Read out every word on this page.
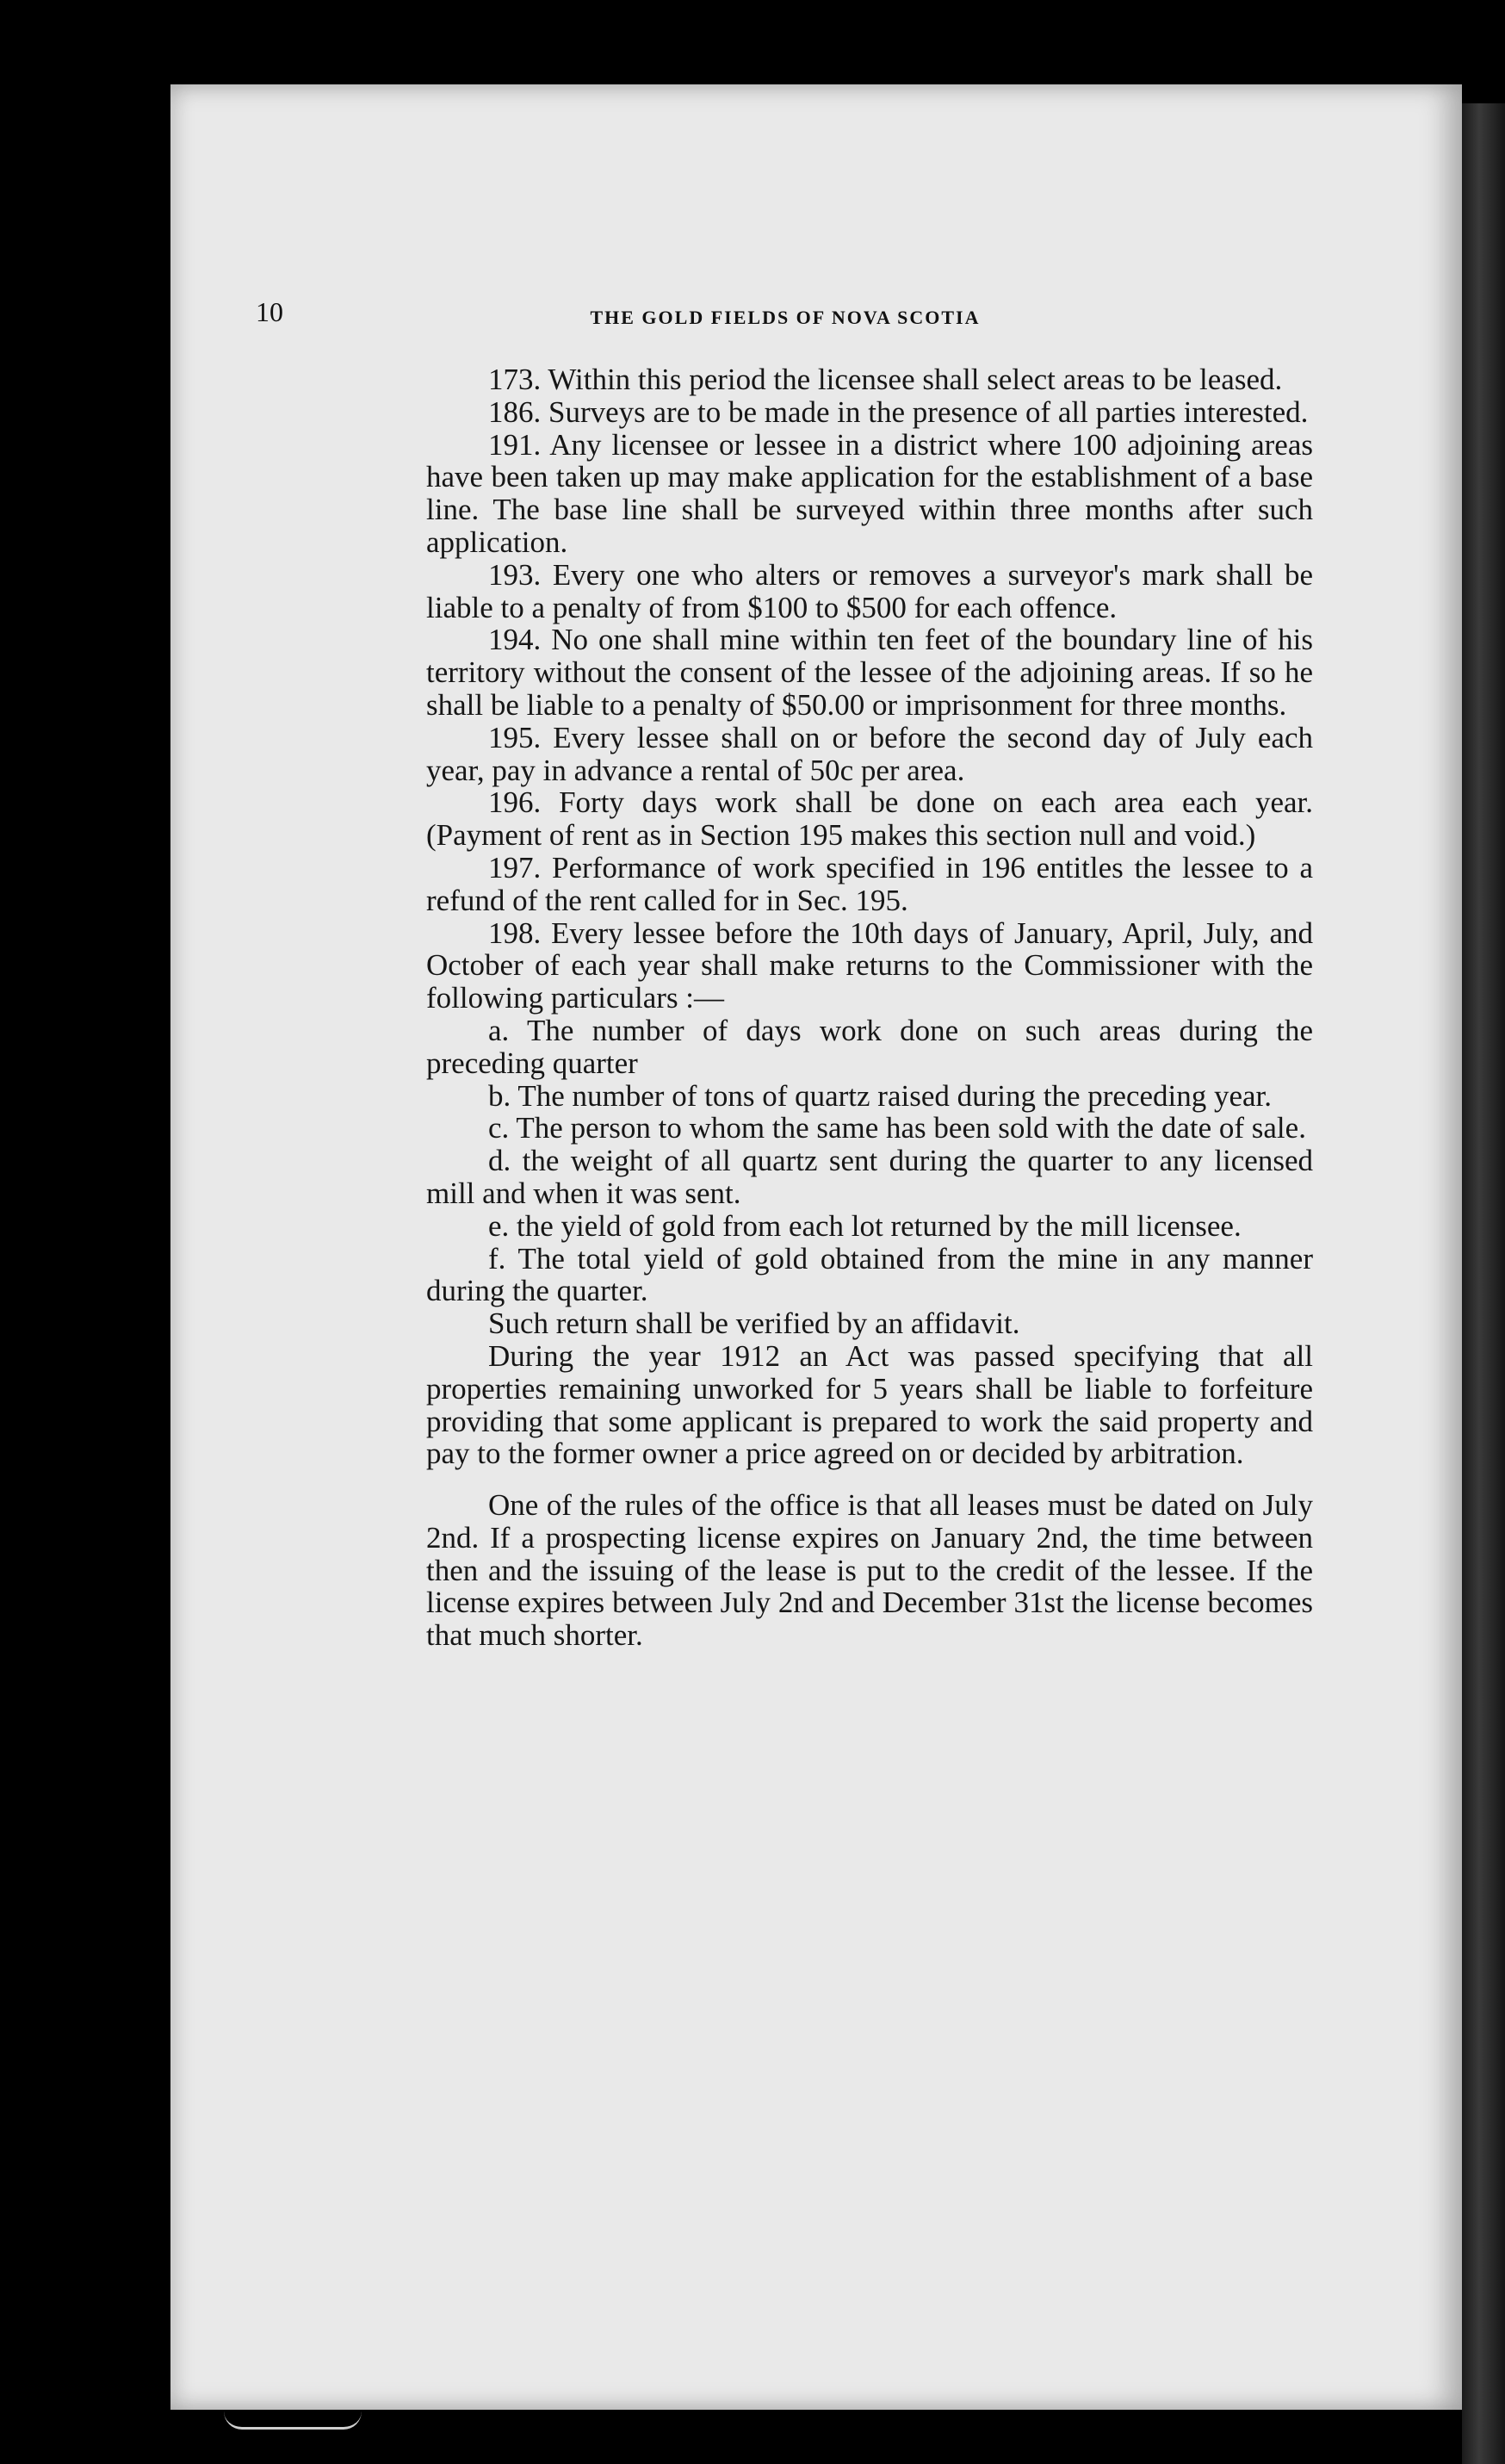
10	THE GOLD FIELDS OF NOVA SCOTIA

173. Within this period the licensee shall select areas to be leased.

186. Surveys are to be made in the presence of all parties interested.

191. Any licensee or lessee in a district where 100 adjoining areas have been taken up may make application for the establishment of a base line. The base line shall be surveyed within three months after such application.

193. Every one who alters or removes a surveyor's mark shall be liable to a penalty of from $100 to $500 for each offence.

194. No one shall mine within ten feet of the boundary line of his territory without the consent of the lessee of the adjoining areas. If so he shall be liable to a penalty of $50.00 or imprisonment for three months.

195. Every lessee shall on or before the second day of July each year, pay in advance a rental of 50c per area.

196. Forty days work shall be done on each area each year. (Payment of rent as in Section 195 makes this section null and void.)

197. Performance of work specified in 196 entitles the lessee to a refund of the rent called for in Sec. 195.

198. Every lessee before the 10th days of January, April, July, and October of each year shall make returns to the Commissioner with the following particulars :—

a. The number of days work done on such areas during the preceding quarter

b. The number of tons of quartz raised during the preceding year.

c. The person to whom the same has been sold with the date of sale.

d. the weight of all quartz sent during the quarter to any licensed mill and when it was sent.

e. the yield of gold from each lot returned by the mill licensee.

f. The total yield of gold obtained from the mine in any manner during the quarter.

Such return shall be verified by an affidavit.

During the year 1912 an Act was passed specifying that all properties remaining unworked for 5 years shall be liable to forfeiture providing that some applicant is prepared to work the said property and pay to the former owner a price agreed on or decided by arbitration.

One of the rules of the office is that all leases must be dated on July 2nd. If a prospecting license expires on January 2nd, the time between then and the issuing of the lease is put to the credit of the lessee. If the license expires between July 2nd and December 31st the license becomes that much shorter.
